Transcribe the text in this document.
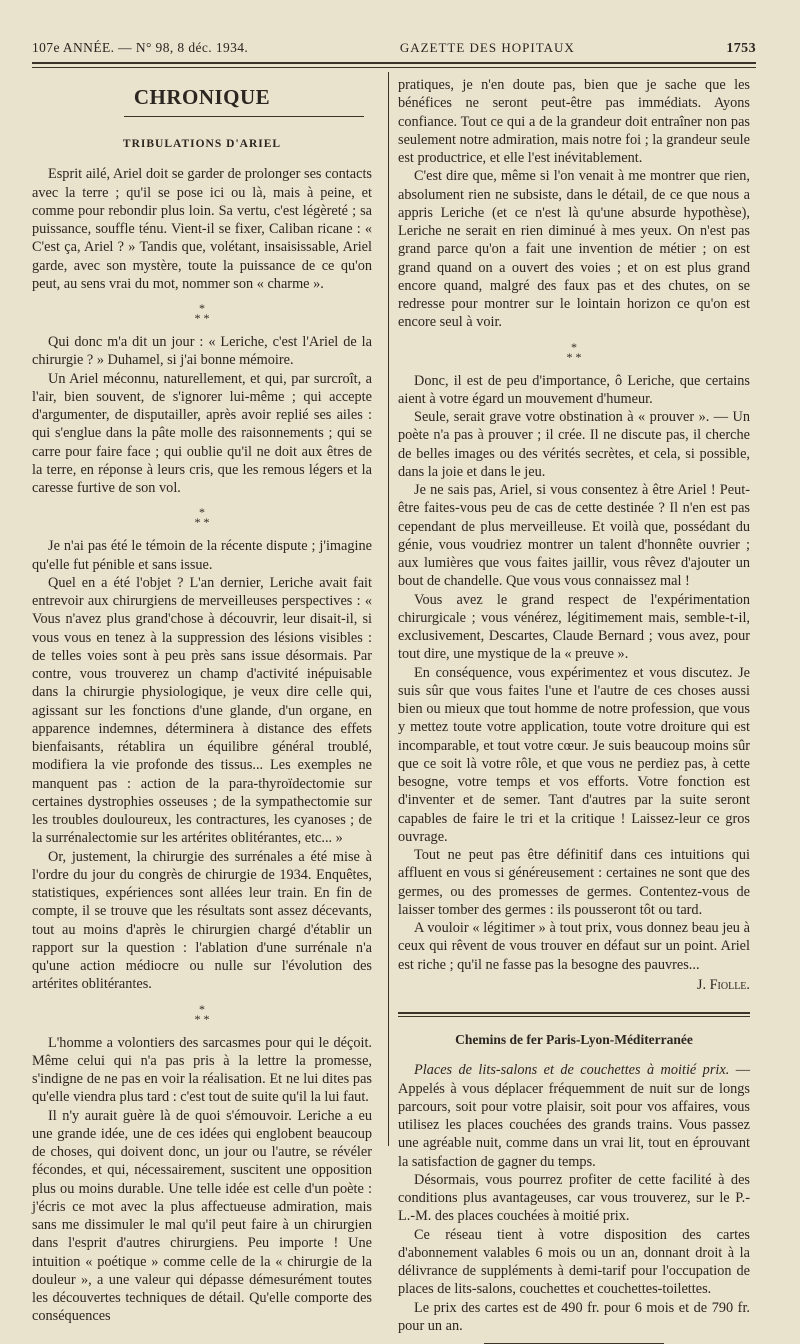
107e ANNÉE. — N° 98, 8 déc. 1934.	GAZETTE DES HOPITAUX	1753
CHRONIQUE
TRIBULATIONS D'ARIEL

Esprit ailé, Ariel doit se garder de prolonger ses contacts avec la terre ; qu'il se pose ici ou là, mais à peine, et comme pour rebondir plus loin. Sa vertu, c'est légèreté ; sa puissance, souffle ténu. Vient-il se fixer, Caliban ricane : « C'est ça, Ariel ? » Tandis que, volétant, insaisissable, Ariel garde, avec son mystère, toute la puissance de ce qu'on peut, au sens vrai du mot, nommer son « charme ».

*
* *

Qui donc m'a dit un jour : « Leriche, c'est l'Ariel de la chirurgie ? » Duhamel, si j'ai bonne mémoire.

Un Ariel méconnu, naturellement, et qui, par surcroît, a l'air, bien souvent, de s'ignorer lui-même ; qui accepte d'argumenter, de disputailler, après avoir replié ses ailes : qui s'englue dans la pâte molle des raisonnements ; qui se carre pour faire face ; qui oublie qu'il ne doit aux êtres de la terre, en réponse à leurs cris, que les remous légers et la caresse furtive de son vol.

*
* *

Je n'ai pas été le témoin de la récente dispute ; j'imagine qu'elle fut pénible et sans issue.

Quel en a été l'objet ? L'an dernier, Leriche avait fait entrevoir aux chirurgiens de merveilleuses perspectives : « Vous n'avez plus grand'chose à découvrir, leur disait-il, si vous vous en tenez à la suppression des lésions visibles : de telles voies sont à peu près sans issue désormais. Par contre, vous trouverez un champ d'activité inépuisable dans la chirurgie physiologique, je veux dire celle qui, agissant sur les fonctions d'une glande, d'un organe, en apparence indemnes, déterminera à distance des effets bienfaisants, rétablira un équilibre général troublé, modifiera la vie profonde des tissus... Les exemples ne manquent pas : action de la para-thyroïdectomie sur certaines dystrophies osseuses ; de la sympathectomie sur les troubles douloureux, les contractures, les cyanoses ; de la surrénalectomie sur les artérites oblitérantes, etc... »

Or, justement, la chirurgie des surrénales a été mise à l'ordre du jour du congrès de chirurgie de 1934. Enquêtes, statistiques, expériences sont allées leur train. En fin de compte, il se trouve que les résultats sont assez décevants, tout au moins d'après le chirurgien chargé d'établir un rapport sur la question : l'ablation d'une surrénale n'a qu'une action médiocre ou nulle sur l'évolution des artérites oblitérantes.

*
* *

L'homme a volontiers des sarcasmes pour qui le déçoit. Même celui qui n'a pas pris à la lettre la promesse, s'indigne de ne pas en voir la réalisation. Et ne lui dites pas qu'elle viendra plus tard : c'est tout de suite qu'il la lui faut.

Il n'y aurait guère là de quoi s'émouvoir. Leriche a eu une grande idée, une de ces idées qui englobent beaucoup de choses, qui doivent donc, un jour ou l'autre, se révéler fécondes, et qui, nécessairement, suscitent une opposition plus ou moins durable. Une telle idée est celle d'un poète : j'écris ce mot avec la plus affectueuse admiration, mais sans me dissimuler le mal qu'il peut faire à un chirurgien dans l'esprit d'autres chirurgiens. Peu importe ! Une intuition « poétique » comme celle de la « chirurgie de la douleur », a une valeur qui dépasse démesurément toutes les découvertes techniques de détail. Qu'elle comporte des conséquences

pratiques, je n'en doute pas, bien que je sache que les bénéfices ne seront peut-être pas immédiats. Ayons confiance. Tout ce qui a de la grandeur doit entraîner non pas seulement notre admiration, mais notre foi ; la grandeur seule est productrice, et elle l'est inévitablement.

C'est dire que, même si l'on venait à me montrer que rien, absolument rien ne subsiste, dans le détail, de ce que nous a appris Leriche (et ce n'est là qu'une absurde hypothèse), Leriche ne serait en rien diminué à mes yeux. On n'est pas grand parce qu'on a fait une invention de métier ; on est grand quand on a ouvert des voies ; et on est plus grand encore quand, malgré des faux pas et des chutes, on se redresse pour montrer sur le lointain horizon ce qu'on est encore seul à voir.

*
* *

Donc, il est de peu d'importance, ô Leriche, que certains aient à votre égard un mouvement d'humeur.

Seule, serait grave votre obstination à « prouver ». — Un poète n'a pas à prouver ; il crée. Il ne discute pas, il cherche de belles images ou des vérités secrètes, et cela, si possible, dans la joie et dans le jeu.

Je ne sais pas, Ariel, si vous consentez à être Ariel ! Peut-être faites-vous peu de cas de cette destinée ? Il n'en est pas cependant de plus merveilleuse. Et voilà que, possédant du génie, vous voudriez montrer un talent d'honnête ouvrier ; aux lumières que vous faites jaillir, vous rêvez d'ajouter un bout de chandelle. Que vous vous connaissez mal !

Vous avez le grand respect de l'expérimentation chirurgicale ; vous vénérez, légitimement mais, semble-t-il, exclusivement, Descartes, Claude Bernard ; vous avez, pour tout dire, une mystique de la « preuve ».

En conséquence, vous expérimentez et vous discutez. Je suis sûr que vous faites l'une et l'autre de ces choses aussi bien ou mieux que tout homme de notre profession, que vous y mettez toute votre application, toute votre droiture qui est incomparable, et tout votre cœur. Je suis beaucoup moins sûr que ce soit là votre rôle, et que vous ne perdiez pas, à cette besogne, votre temps et vos efforts. Votre fonction est d'inventer et de semer. Tant d'autres par la suite seront capables de faire le tri et la critique ! Laissez-leur ce gros ouvrage.

Tout ne peut pas être définitif dans ces intuitions qui affluent en vous si généreusement : certaines ne sont que des germes, ou des promesses de germes. Contentez-vous de laisser tomber des germes : ils pousseront tôt ou tard.

A vouloir « légitimer » à tout prix, vous donnez beau jeu à ceux qui rêvent de vous trouver en défaut sur un point. Ariel est riche ; qu'il ne fasse pas la besogne des pauvres...

J. Fiolle.
Chemins de fer Paris-Lyon-Méditerranée

Places de lits-salons et de couchettes à moitié prix. — Appelés à vous déplacer fréquemment de nuit sur de longs parcours, soit pour votre plaisir, soit pour vos affaires, vous utilisez les places couchées des grands trains. Vous passez une agréable nuit, comme dans un vrai lit, tout en éprouvant la satisfaction de gagner du temps.

Désormais, vous pourrez profiter de cette facilité à des conditions plus avantageuses, car vous trouverez, sur le P.-L.-M. des places couchées à moitié prix.

Ce réseau tient à votre disposition des cartes d'abonnement valables 6 mois ou un an, donnant droit à la délivrance de suppléments à demi-tarif pour l'occupation de places de lits-salons, couchettes et couchettes-toilettes.

Le prix des cartes est de 490 fr. pour 6 mois et de 790 fr. pour un an.
